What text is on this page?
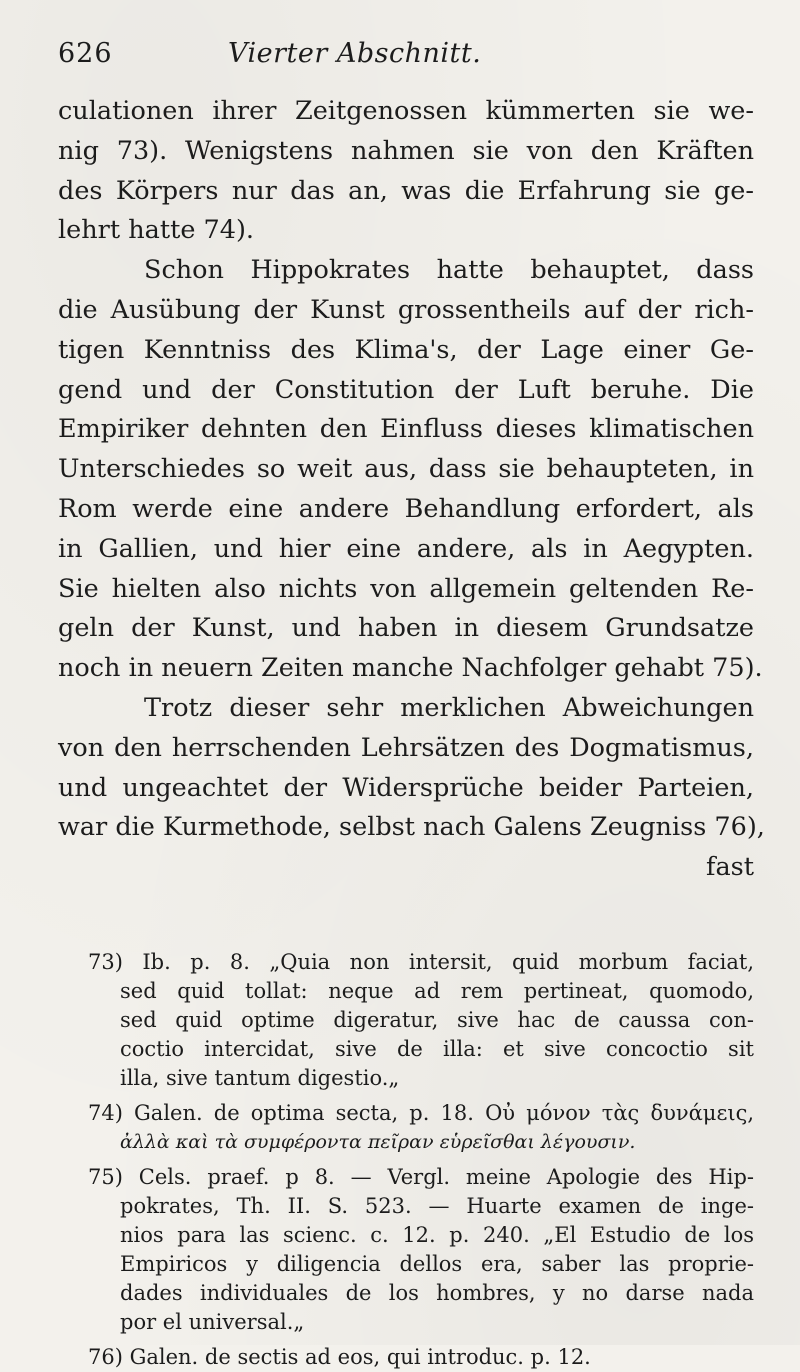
626	Vierter Abschnitt.
culationen ihrer Zeitgenossen kümmerten sie we-
nig 73). Wenigstens nahmen sie von den Kräften
des Körpers nur das an, was die Erfahrung sie ge-
lehrt hatte 74).
Schon Hippokrates hatte behauptet, dass
die Ausübung der Kunst grossentheils auf der rich-
tigen Kenntniss des Klima's, der Lage einer Ge-
gend und der Constitution der Luft beruhe. Die
Empiriker dehnten den Einfluss dieses klimatischen
Unterschiedes so weit aus, dass sie behaupteten, in
Rom werde eine andere Behandlung erfordert, als
in Gallien, und hier eine andere, als in Aegypten.
Sie hielten also nichts von allgemein geltenden Re-
geln der Kunst, und haben in diesem Grundsatze
noch in neuern Zeiten manche Nachfolger gehabt 75).
Trotz dieser sehr merklichen Abweichungen
von den herrschenden Lehrsätzen des Dogmatismus,
und ungeachtet der Widersprüche beider Parteien,
war die Kurmethode, selbst nach Galens Zeugniss 76),
fast
73) Ib. p. 8. „Quia non intersit, quid morbum faciat,
sed quid tollat: neque ad rem pertineat, quomodo,
sed quid optime digeratur, sive hac de caussa con-
coctio intercidat, sive de illa: et sive concoctio sit
illa, sive tantum digestio.„
74) Galen. de optima secta, p. 18. Οὐ μόνον τὰς δυνάμεις,
ἀλλὰ καὶ τὰ συμφέροντα πεῖραν εὑρεῖσθαι λέγουσιν.
75) Cels. praef. p 8. — Vergl. meine Apologie des Hip-
pokrates, Th. II. S. 523. — Huarte examen de inge-
nios para las scienc. c. 12. p. 240. „El Estudio de los
Empiricos y diligencia dellos era, saber las proprie-
dades individuales de los hombres, y no darse nada
por el universal.„
76) Galen. de sectis ad eos, qui introduc. p. 12.
